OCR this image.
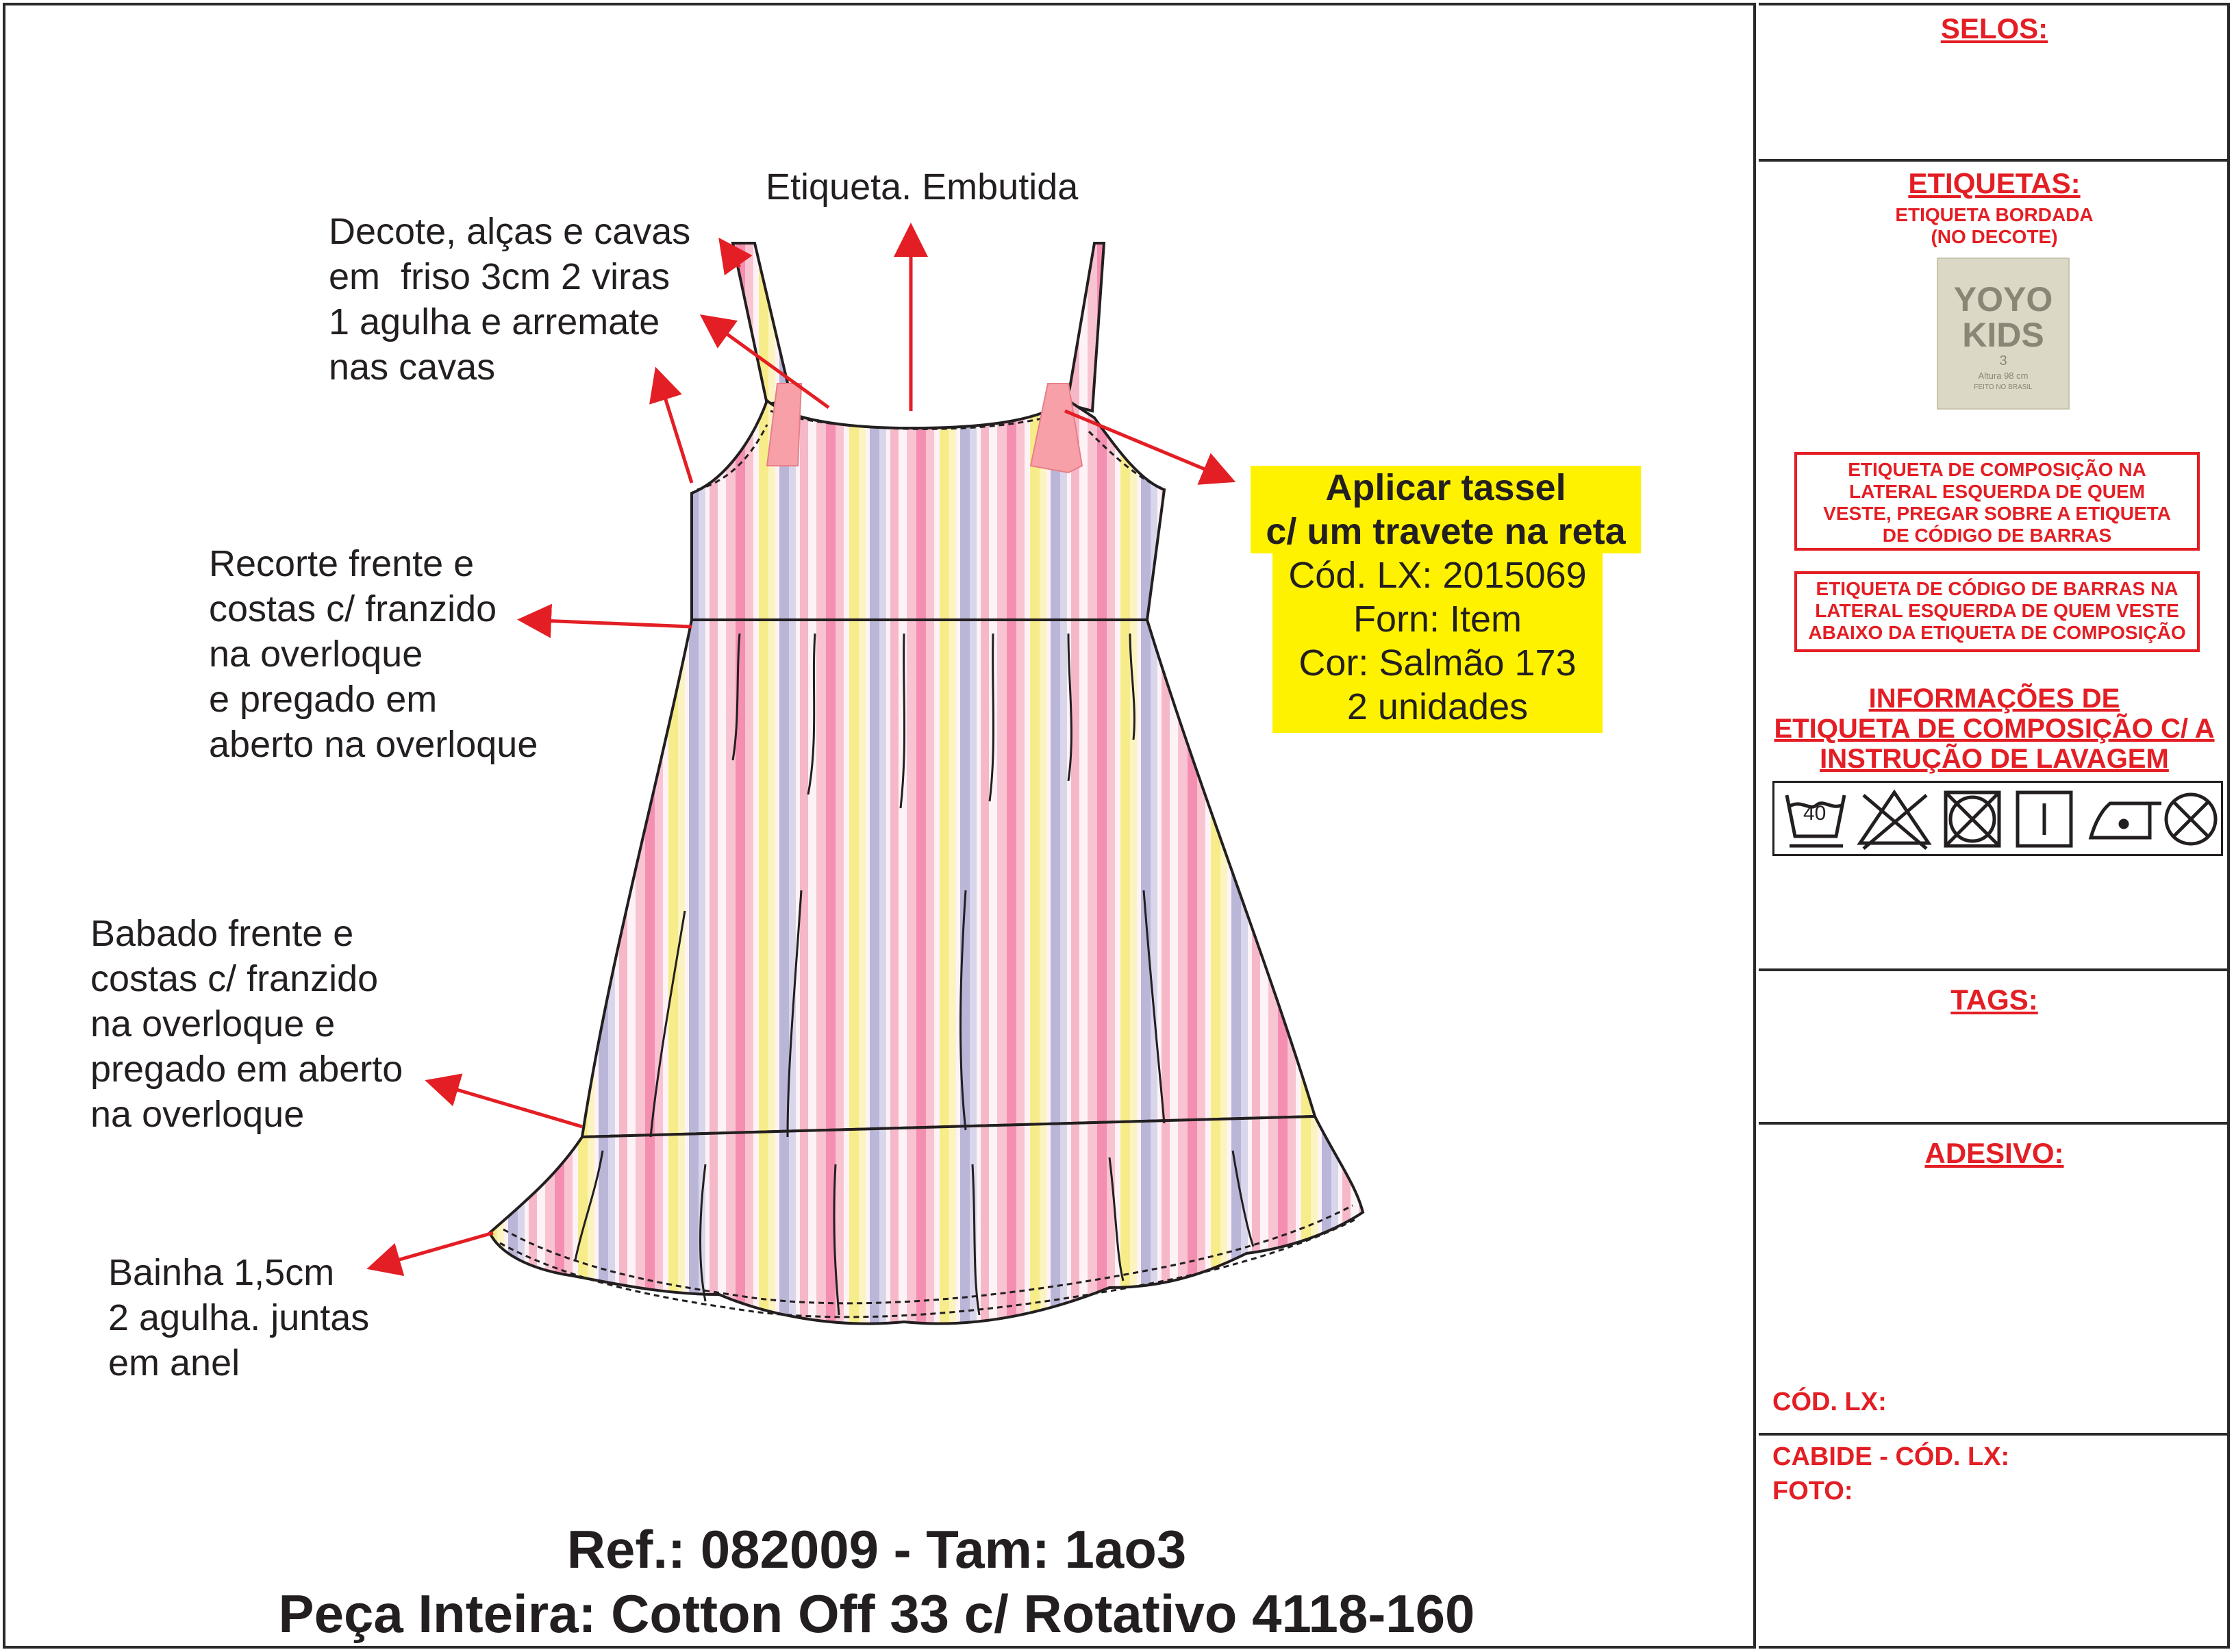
Decote, alças e cavas
em  friso 3cm 2 viras
1 agulha e arremate
nas cavas
Etiqueta. Embutida
Recorte frente e
costas c/ franzido
na overloque
e pregado em
aberto na overloque
Babado frente e
costas c/ franzido
na overloque e
pregado em aberto
na overloque
Bainha 1,5cm
2 agulha. juntas
em anel
Aplicar tassel
c/ um travete na reta
Cód. LX: 2015069
Forn: Item
Cor: Salmão 173
2 unidades
Ref.: 082009 - Tam: 1ao3
Peça Inteira: Cotton Off 33 c/ Rotativo 4118-160
SELOS:
ETIQUETAS:
ETIQUETA BORDADA
(NO DECOTE)
YOYO
KIDS
3
Altura 98 cm
FEITO NO BRASIL
ETIQUETA DE COMPOSIÇÃO NA
LATERAL ESQUERDA DE QUEM
VESTE, PREGAR SOBRE A ETIQUETA
DE CÓDIGO DE BARRAS
ETIQUETA DE CÓDIGO DE BARRAS NA
LATERAL ESQUERDA DE QUEM VESTE
ABAIXO DA ETIQUETA DE COMPOSIÇÃO
INFORMAÇÕES DE
ETIQUETA DE COMPOSIÇÃO C/ A
INSTRUÇÃO DE LAVAGEM
40
TAGS:
ADESIVO:
CÓD. LX:
CABIDE - CÓD. LX:
FOTO:
